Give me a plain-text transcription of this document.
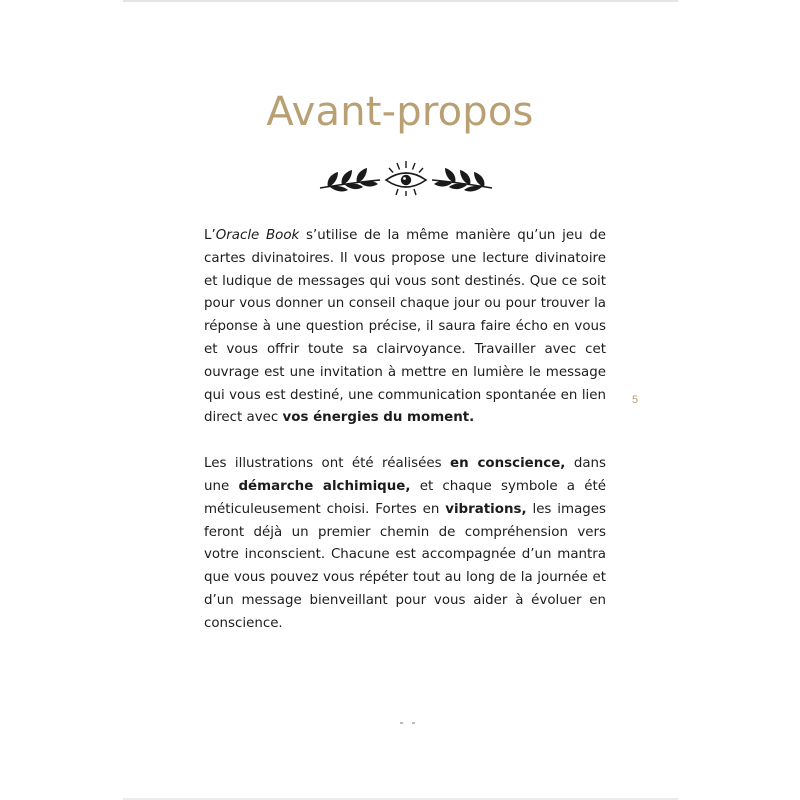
Avant-propos

L’Oracle Book s’utilise de la même manière qu’un jeu de cartes divinatoires. Il vous propose une lecture divinatoire et ludique de messages qui vous sont destinés. Que ce soit pour vous donner un conseil chaque jour ou pour trouver la réponse à une question précise, il saura faire écho en vous et vous offrir toute sa clairvoyance. Travailler avec cet ouvrage est une invitation à mettre en lumière le message qui vous est destiné, une communication spontanée en lien direct avec vos énergies du moment.

Les illustrations ont été réalisées en conscience, dans une démarche alchimique, et chaque symbole a été méticuleusement choisi. Fortes en vibrations, les images feront déjà un premier chemin de compréhension vers votre inconscient. Chacune est accompagnée d’un mantra que vous pouvez vous répéter tout au long de la journée et d’un message bienveillant pour vous aider à évoluer en conscience.

5
